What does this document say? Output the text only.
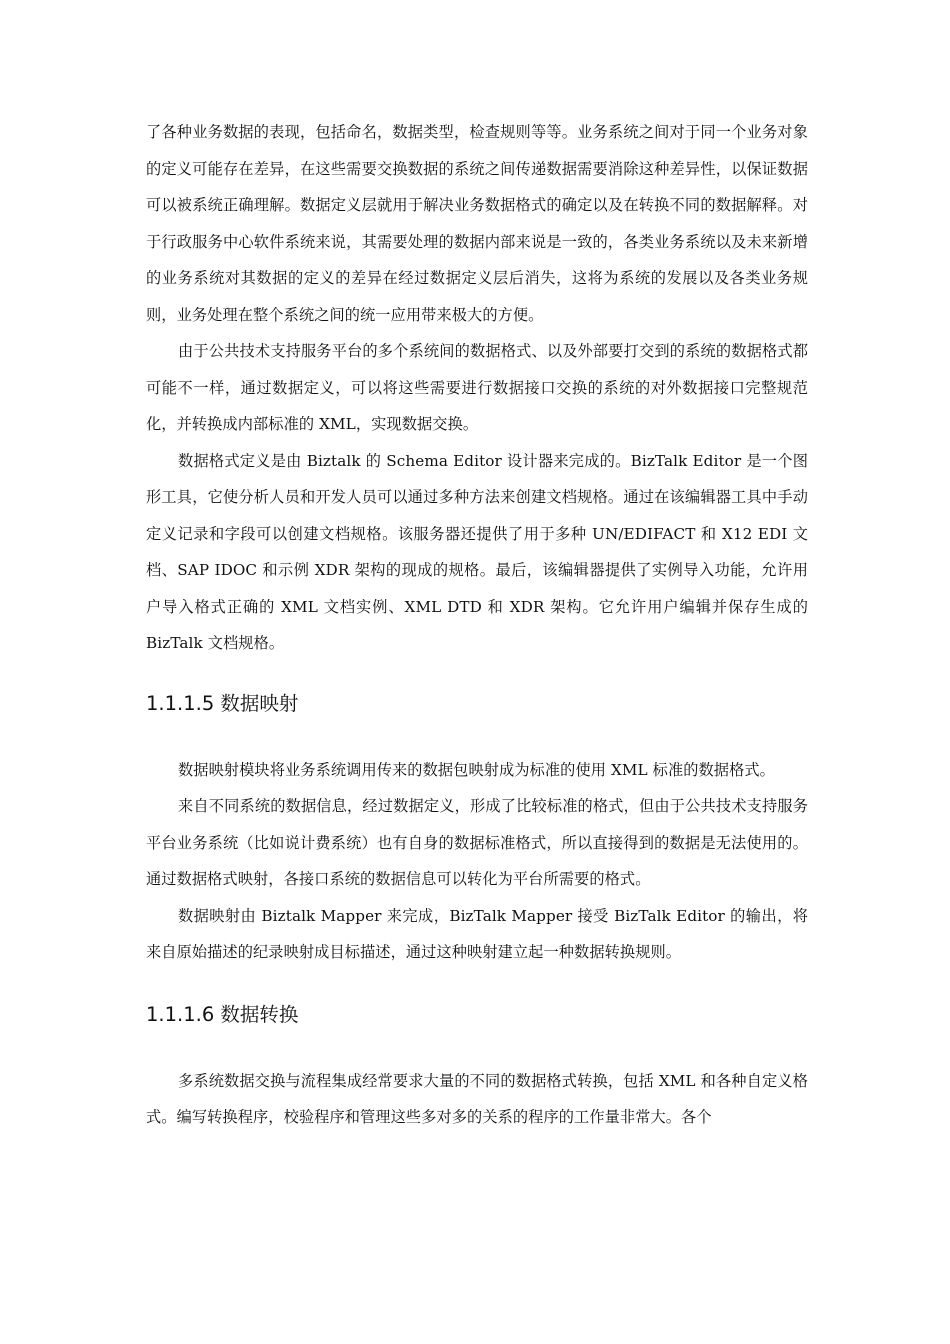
了各种业务数据的表现，包括命名，数据类型，检查规则等等。业务系统之间对于同一个业务对象的定义可能存在差异，在这些需要交换数据的系统之间传递数据需要消除这种差异性，以保证数据可以被系统正确理解。数据定义层就用于解决业务数据格式的确定以及在转换不同的数据解释。对于行政服务中心软件系统来说，其需要处理的数据内部来说是一致的，各类业务系统以及未来新增的业务系统对其数据的定义的差异在经过数据定义层后消失，这将为系统的发展以及各类业务规则，业务处理在整个系统之间的统一应用带来极大的方便。

由于公共技术支持服务平台的多个系统间的数据格式、以及外部要打交到的系统的数据格式都可能不一样，通过数据定义，可以将这些需要进行数据接口交换的系统的对外数据接口完整规范化，并转换成内部标准的 XML，实现数据交换。

数据格式定义是由 Biztalk 的 Schema Editor 设计器来完成的。BizTalk Editor 是一个图形工具，它使分析人员和开发人员可以通过多种方法来创建文档规格。通过在该编辑器工具中手动定义记录和字段可以创建文档规格。该服务器还提供了用于多种 UN/EDIFACT 和 X12 EDI 文档、SAP IDOC 和示例 XDR 架构的现成的规格。最后，该编辑器提供了实例导入功能，允许用户导入格式正确的 XML 文档实例、XML DTD 和 XDR 架构。它允许用户编辑并保存生成的 BizTalk 文档规格。

1.1.1.5 数据映射

数据映射模块将业务系统调用传来的数据包映射成为标准的使用 XML 标准的数据格式。

来自不同系统的数据信息，经过数据定义，形成了比较标准的格式，但由于公共技术支持服务平台业务系统（比如说计费系统）也有自身的数据标准格式，所以直接得到的数据是无法使用的。通过数据格式映射，各接口系统的数据信息可以转化为平台所需要的格式。

数据映射由 Biztalk Mapper 来完成，BizTalk Mapper 接受 BizTalk Editor 的输出，将来自原始描述的纪录映射成目标描述，通过这种映射建立起一种数据转换规则。

1.1.1.6 数据转换

多系统数据交换与流程集成经常要求大量的不同的数据格式转换，包括 XML 和各种自定义格式。编写转换程序，校验程序和管理这些多对多的关系的程序的工作量非常大。各个
